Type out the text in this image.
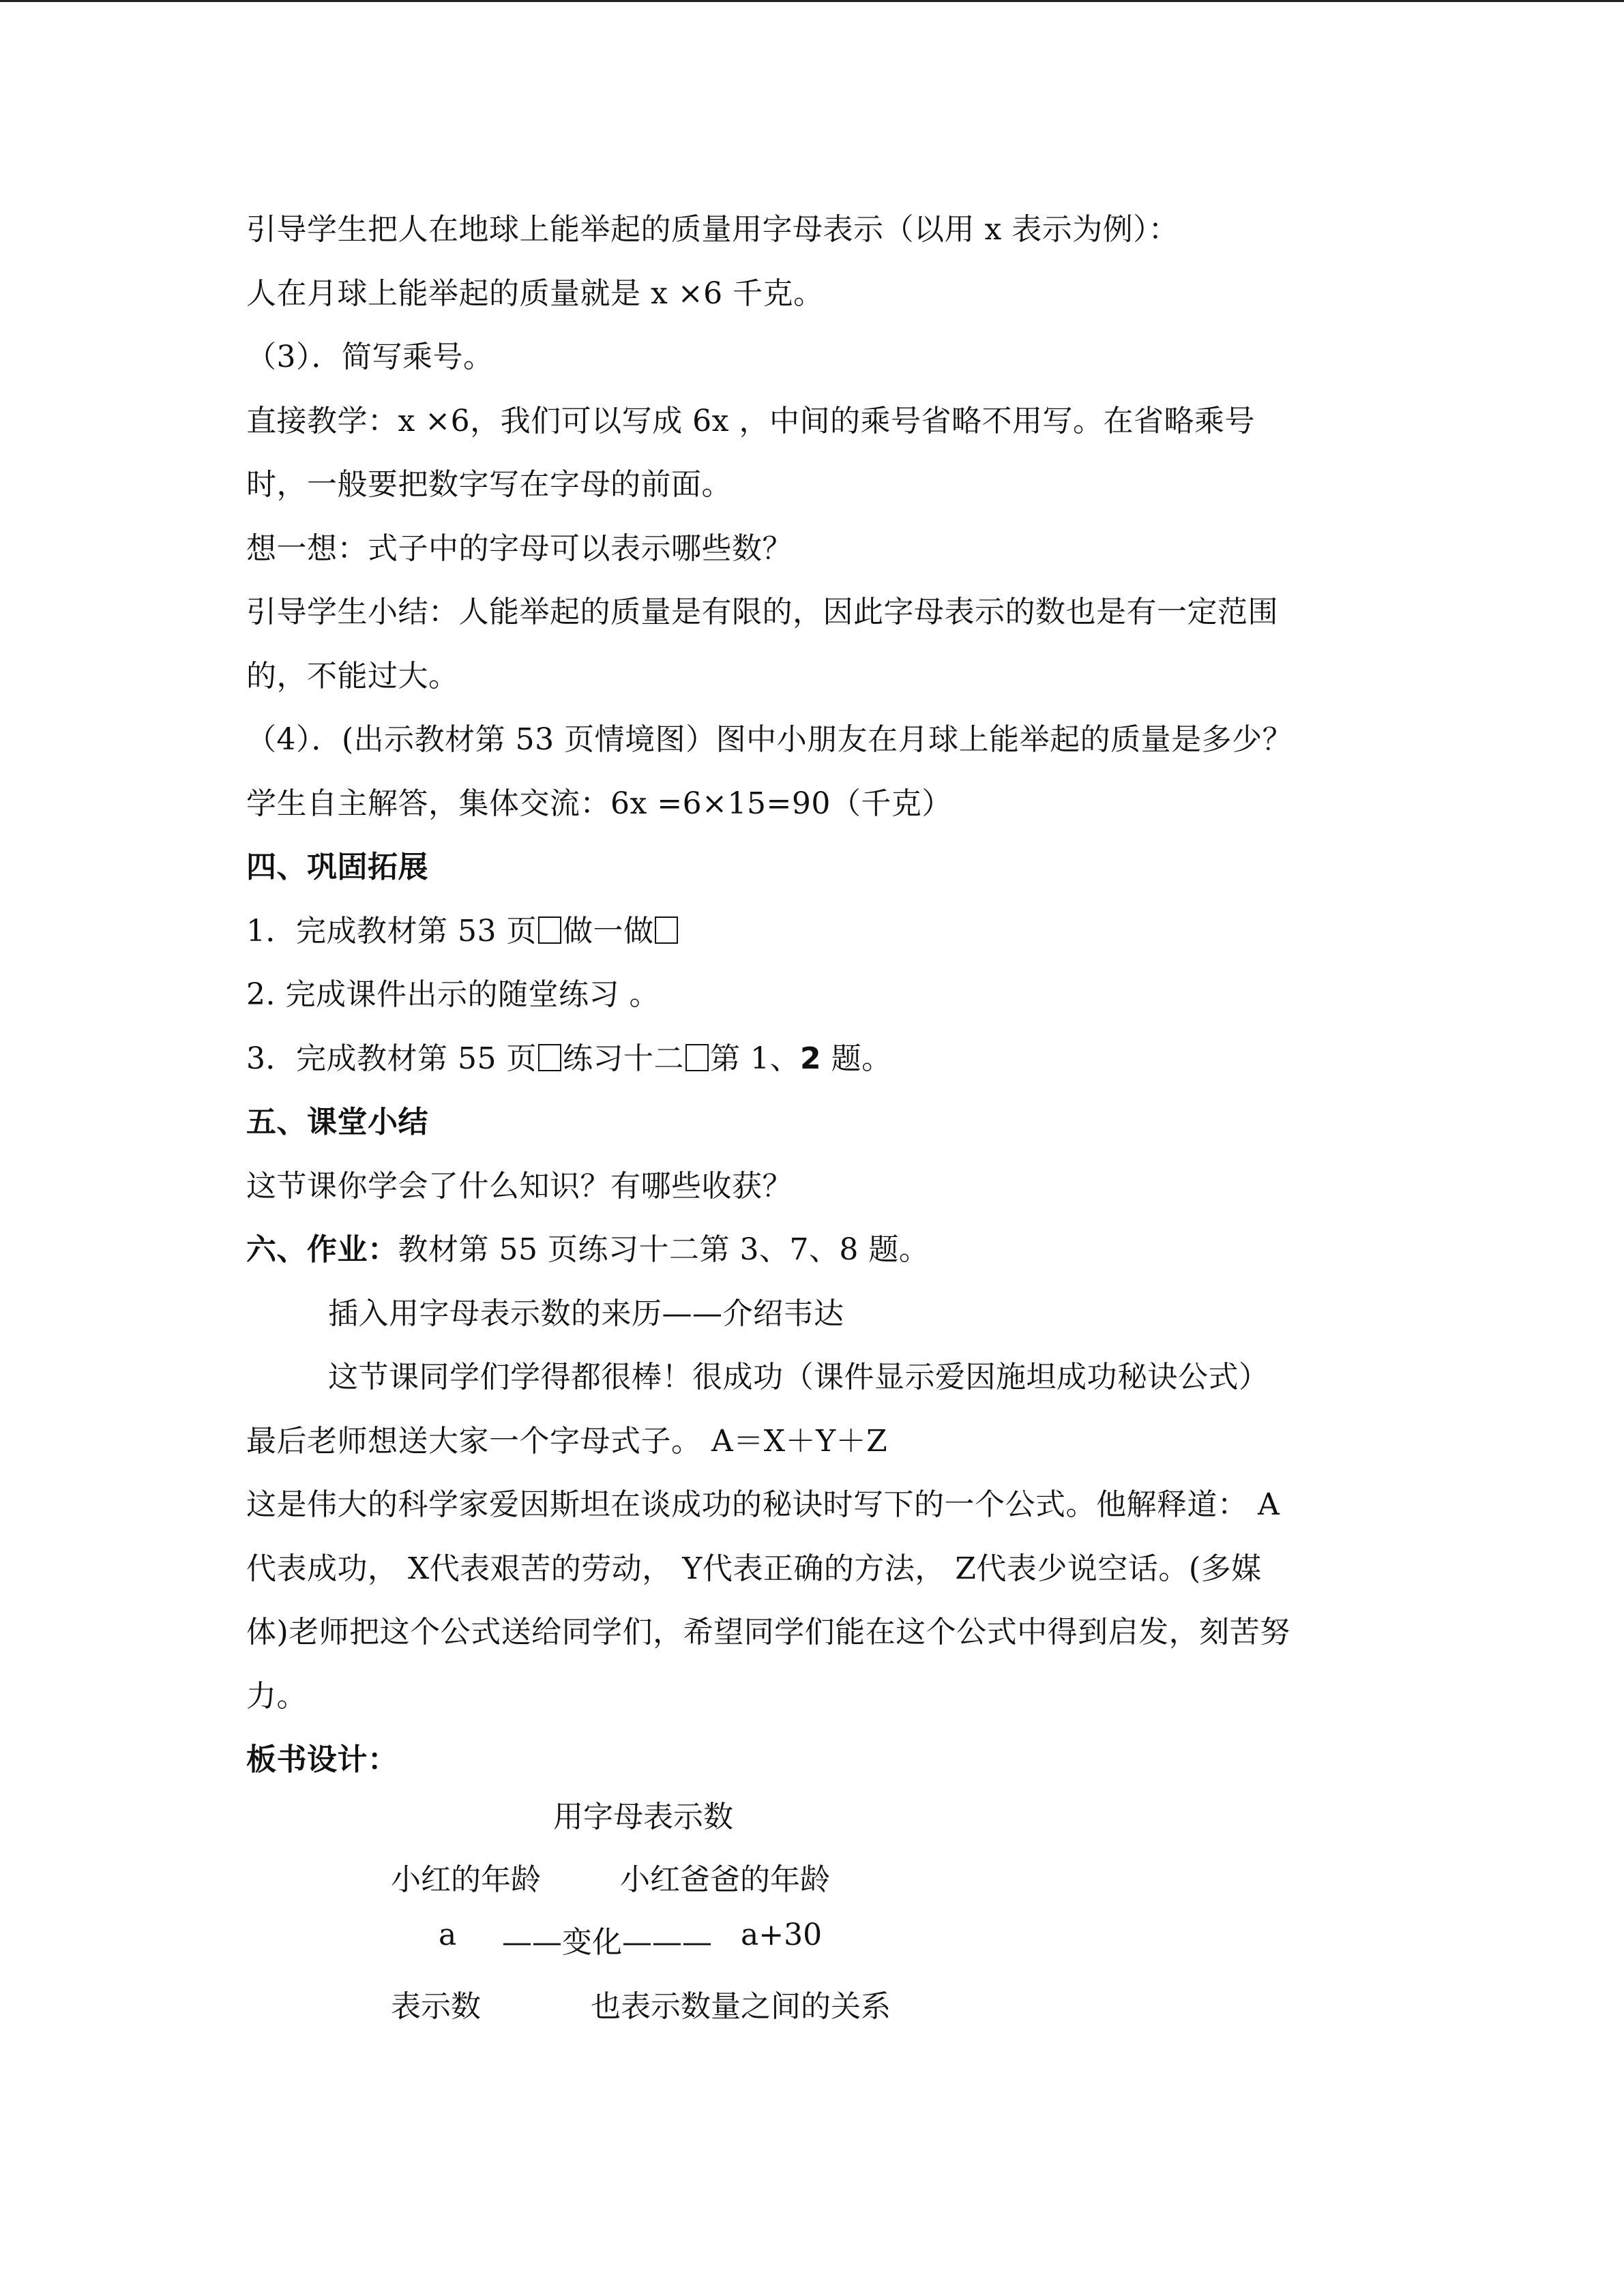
引导学生把人在地球上能举起的质量用字母表示（以用 x 表示为例）：
人在月球上能举起的质量就是 x ×6 千克。
（3）．简写乘号。
直接教学：x ×6，我们可以写成 6x ，中间的乘号省略不用写。在省略乘号
时，一般要把数字写在字母的前面。
想一想：式子中的字母可以表示哪些数？
引导学生小结：人能举起的质量是有限的，因此字母表示的数也是有一定范围
的，不能过大。
（4）．(出示教材第 53 页情境图）图中小朋友在月球上能举起的质量是多少？
学生自主解答，集体交流：6x =6×15=90（千克）
四、巩固拓展
1．完成教材第 53 页 做一做
2. 完成课件出示的随堂练习 。
3．完成教材第 55 页 练习十二 第 1、2 题。
五、课堂小结
这节课你学会了什么知识？有哪些收获？
六、作业：教材第 55 页练习十二第 3、7、8 题。
插入用字母表示数的来历——介绍韦达
这节课同学们学得都很棒！很成功（课件显示爱因施坦成功秘诀公式）
最后老师想送大家一个字母式子。 A＝X＋Y＋Z
这是伟大的科学家爱因斯坦在谈成功的秘诀时写下的一个公式。他解释道： A
代表成功， X代表艰苦的劳动， Y代表正确的方法， Z代表少说空话。(多媒
体)老师把这个公式送给同学们，希望同学们能在这个公式中得到启发，刻苦努
力。
板书设计：
用字母表示数
小红的年龄	小红爸爸的年龄
a ——变化——— a+30
表示数	也表示数量之间的关系
